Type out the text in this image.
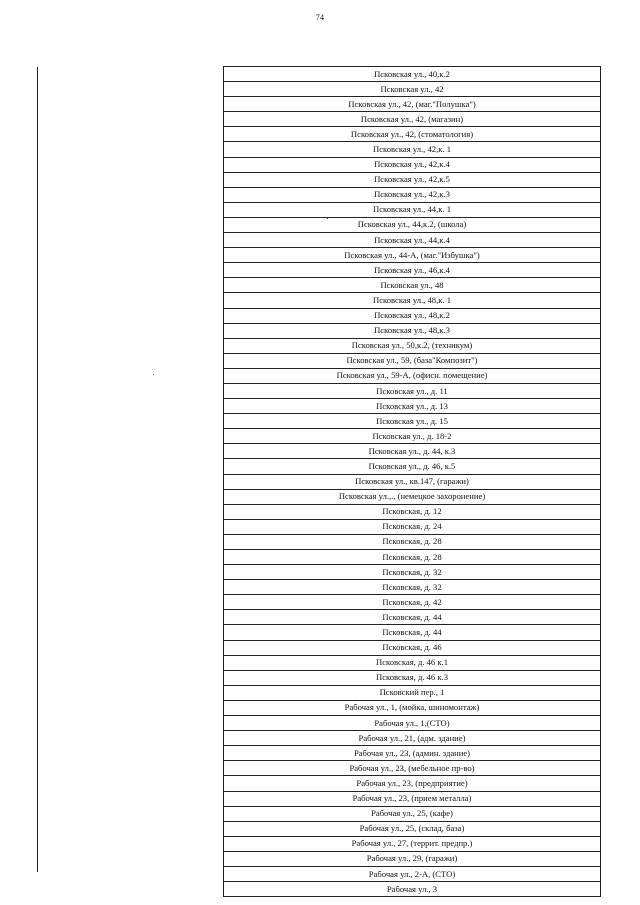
74
Псковская ул., 40,к.2
Псковская ул., 42
Псковская ул., 42, (маг."Полушка")
Псковская ул., 42, (магазин)
Псковская ул., 42, (стоматология)
Псковская ул., 42,к. 1
Псковская ул., 42,к.4
Псковская ул., 42,к.5
Псковская ул., 42,к.3
Псковская ул., 44,к. 1
Псковская ул., 44,к.2, (школа)
Псковская ул., 44,к.4
Псковская ул., 44-А, (маг."Избушка")
Псковская ул., 46,к.4
Псковская ул., 48
Псковская ул., 48,к. 1
Псковская ул., 48,к.2
Псковская ул., 48,к.3
Псковская ул., 50,к.2, (техникум)
Псковская ул., 59, (база"Композит")
Псковская ул., 59-А, (офисн. помещение)
Псковская ул., д. 11
Псковская ул., д. 13
Псковская ул., д. 15
Псковская ул., д. 18-2
Псковская ул., д. 44, к.3
Псковская ул., д. 46, к.5
Псковская ул., кв.147, (гаражи)
Псковская ул.,., (немецкое захоронение)
Псковская, д. 12
Псковская, д. 24
Псковская, д. 28
Псковская, д. 28
Псковская, д. 32
Псковская, д. 32
Псковская, д. 42
Псковская, д. 44
Псковская, д. 44
Псковская, д. 46
Псковская, д. 46 к.1
Псковская, д. 46 к.3
Псковский пер., 1
Рабочая ул., 1, (мойка, шиномонтаж)
Рабочая ул., 1,(СТО)
Рабочая ул., 21, (адм. здание)
Рабочая ул., 23, (админ. здание)
Рабочая ул., 23, (мебельное пр-во)
Рабочая ул., 23, (предприятие)
Рабочая ул., 23, (прием металла)
Рабочая ул., 25, (кафе)
Рабочая ул., 25, (склад, база)
Рабочая ул., 27, (террит. предпр.)
Рабочая ул., 29, (гаражи)
Рабочая ул., 2-А, (СТО)
Рабочая ул., 3
